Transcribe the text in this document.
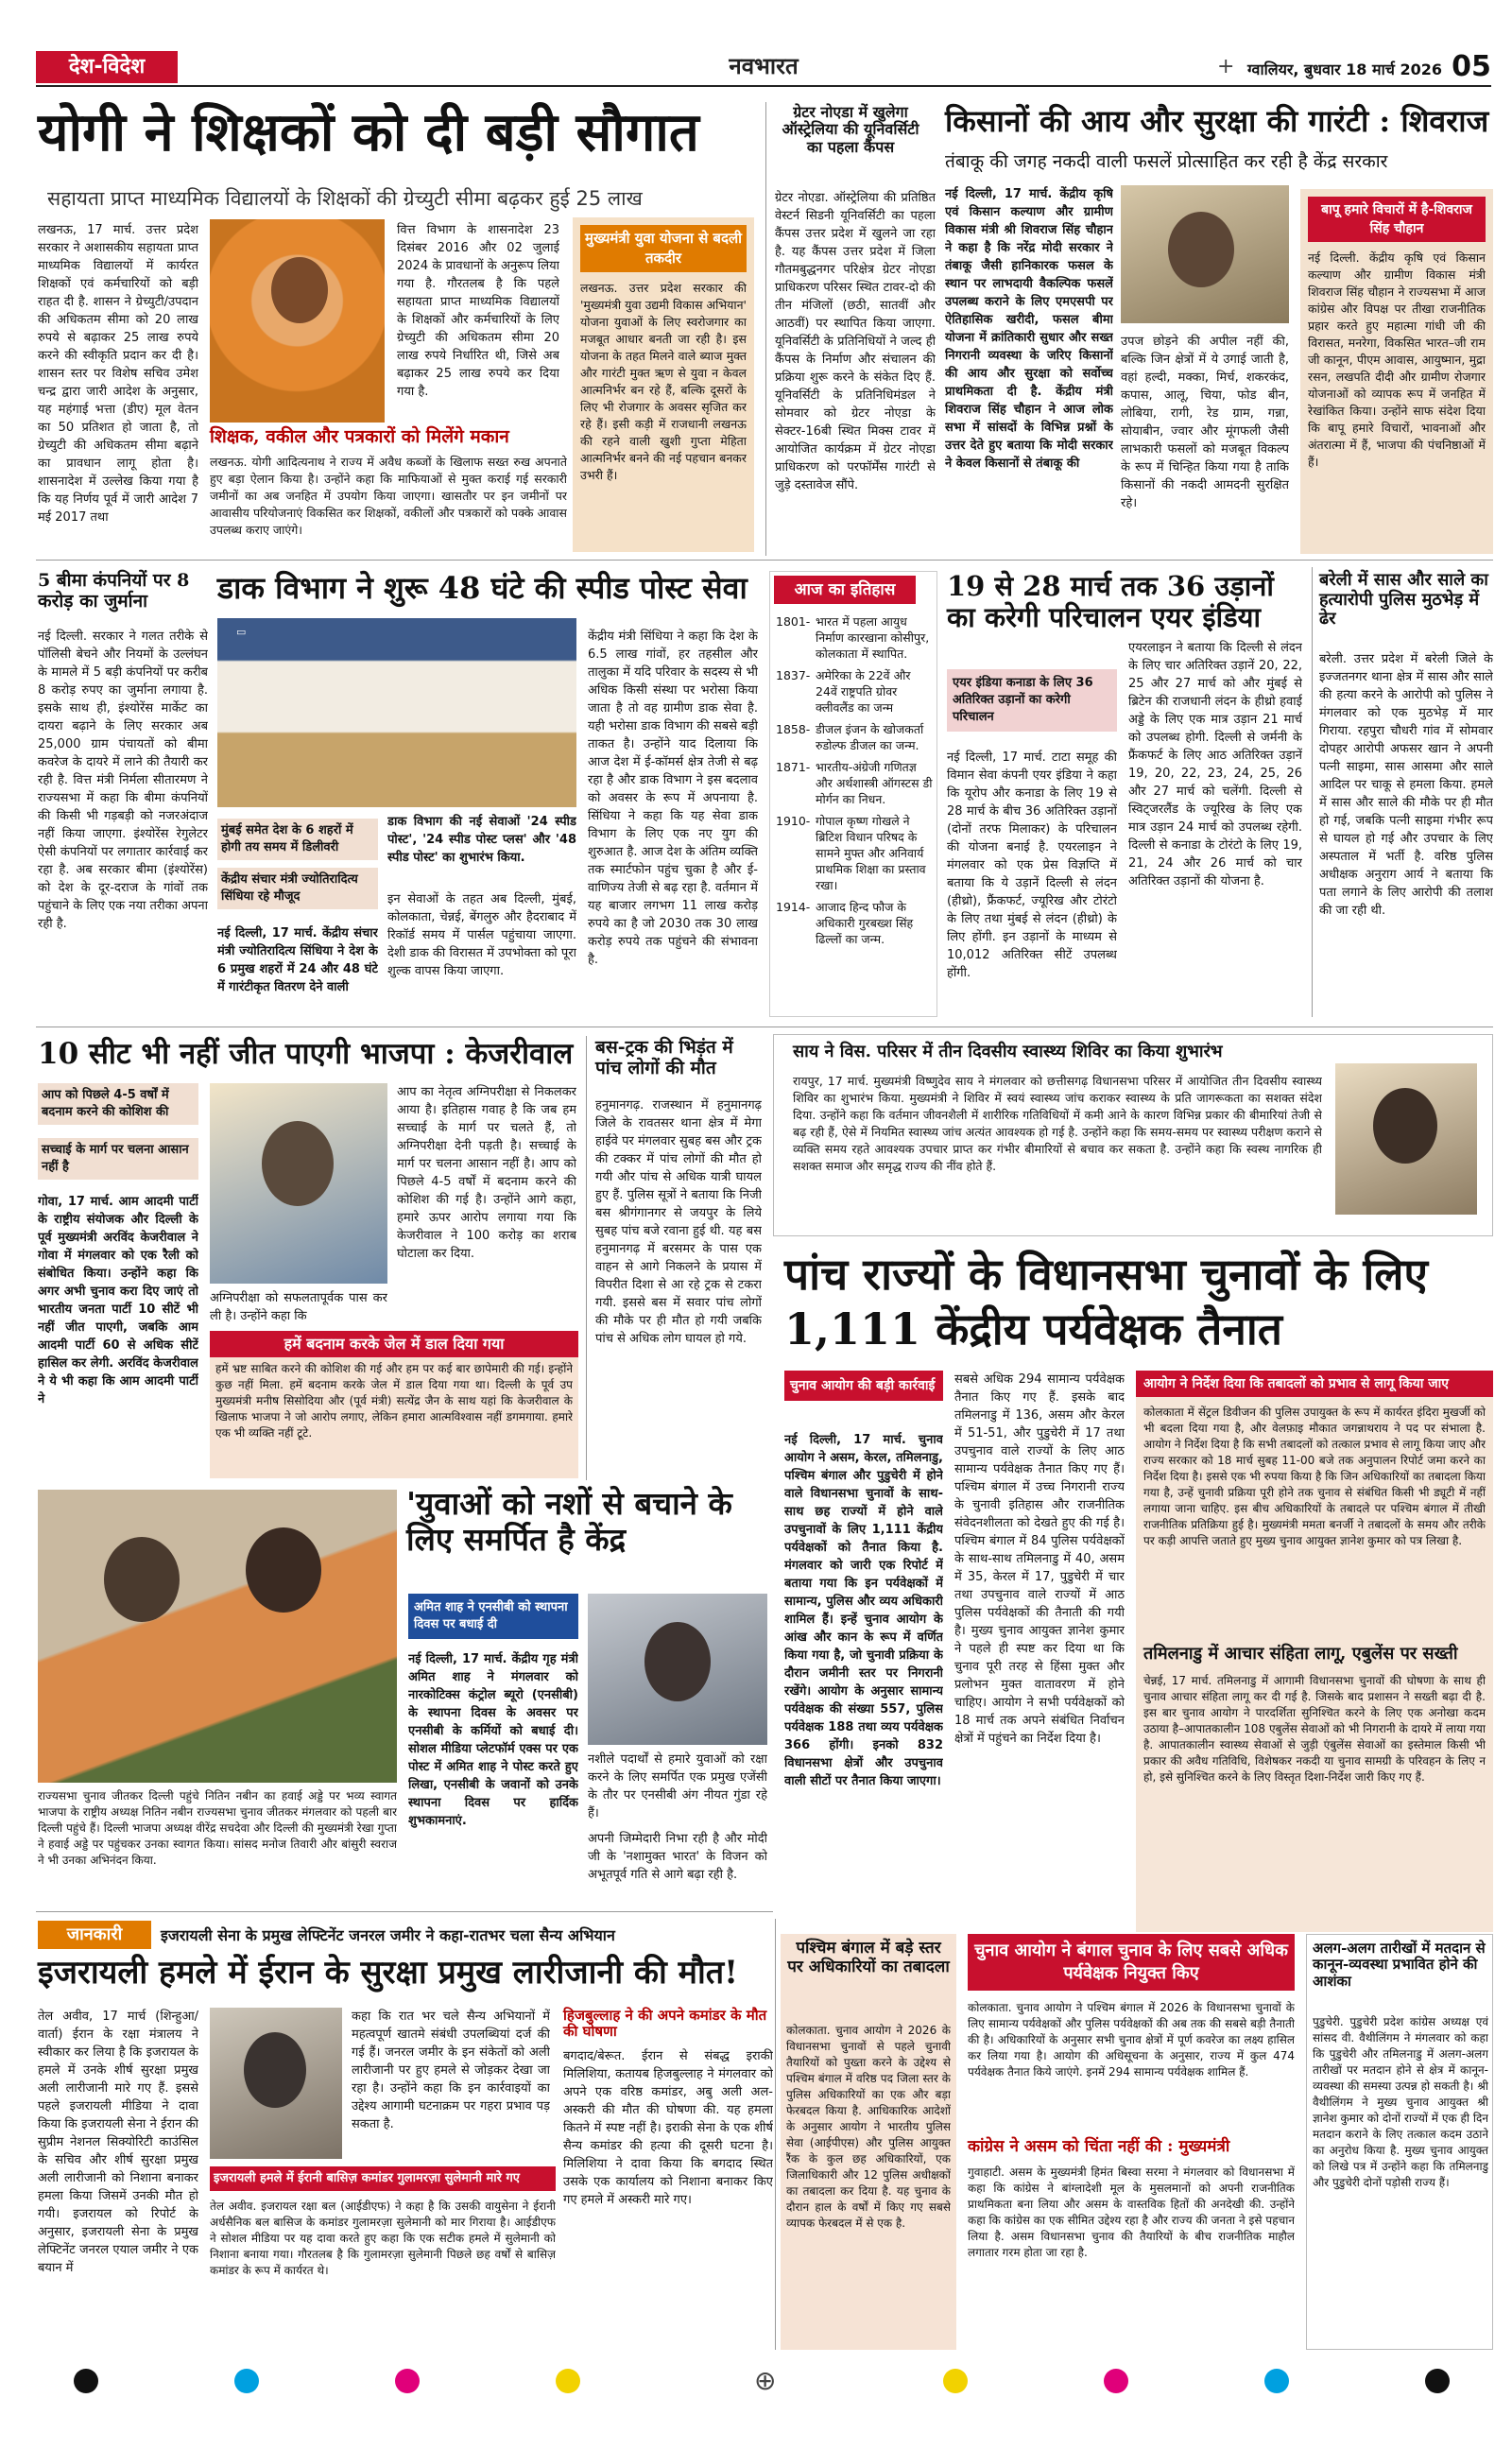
देश-विदेश	नवभारत	ग्वालियर, बुधवार 18 मार्च 2026 05
+
योगी ने शिक्षकों को दी बड़ी सौगात
सहायता प्राप्त माध्यमिक विद्यालयों के शिक्षकों की ग्रेच्युटी सीमा बढ़कर हुई 25 लाख
लखनऊ, 17 मार्च. उत्तर प्रदेश सरकार ने अशासकीय सहायता प्राप्त माध्यमिक विद्यालयों में कार्यरत शिक्षकों एवं कर्मचारियों को बड़ी राहत दी है. शासन ने ग्रेच्युटी/उपदान की अधिकतम सीमा को 20 लाख रुपये से बढ़ाकर 25 लाख रुपये करने की स्वीकृति प्रदान कर दी है। शासन स्तर पर विशेष सचिव उमेश चन्द्र द्वारा जारी आदेश के अनुसार, यह महंगाई भत्ता (डीए) मूल वेतन का 50 प्रतिशत हो जाता है, तो ग्रेच्युटी की अधिकतम सीमा बढ़ाने का प्रावधान लागू होता है। शासनादेश में उल्लेख किया गया है कि यह निर्णय पूर्व में जारी आदेश 7 मई 2017 तथा
वित्त विभाग के शासनादेश 23 दिसंबर 2016 और 02 जुलाई 2024 के प्रावधानों के अनुरूप लिया गया है. गौरतलब है कि पहले सहायता प्राप्त माध्यमिक विद्यालयों के शिक्षकों और कर्मचारियों के लिए ग्रेच्युटी की अधिकतम सीमा 20 लाख रुपये निर्धारित थी, जिसे अब बढ़ाकर 25 लाख रुपये कर दिया गया है.
मुख्यमंत्री युवा योजना से बदली तकदीर
लखनऊ. उत्तर प्रदेश सरकार की 'मुख्यमंत्री युवा उद्यमी विकास अभियान' योजना युवाओं के लिए स्वरोजगार का मजबूत आधार बनती जा रही है। इस योजना के तहत मिलने वाले ब्याज मुक्त और गारंटी मुक्त ऋण से युवा न केवल आत्मनिर्भर बन रहे हैं, बल्कि दूसरों के लिए भी रोजगार के अवसर सृजित कर रहे हैं। इसी कड़ी में राजधानी लखनऊ की रहने वाली खुशी गुप्ता मेहिता आत्मनिर्भर बनने की नई पहचान बनकर उभरी हैं।
शिक्षक, वकील और पत्रकारों को मिलेंगे मकान
लखनऊ. योगी आदित्यनाथ ने राज्य में अवैध कब्जों के खिलाफ सख्त रुख अपनाते हुए बड़ा ऐलान किया है। उन्होंने कहा कि माफियाओं से मुक्त कराई गई सरकारी जमीनों का अब जनहित में उपयोग किया जाएगा। खासतौर पर इन जमीनों पर आवासीय परियोजनाएं विकसित कर शिक्षकों, वकीलों और पत्रकारों को पक्के आवास उपलब्ध कराए जाएंगे।
ग्रेटर नोएडा में खुलेगा ऑस्ट्रेलिया की यूनिवर्सिटी का पहला कैंपस
ग्रेटर नोएडा. ऑस्ट्रेलिया की प्रतिष्ठित वेस्टर्न सिडनी यूनिवर्सिटी का पहला कैंपस उत्तर प्रदेश में खुलने जा रहा है. यह कैंपस उत्तर प्रदेश में जिला गौतमबुद्धनगर परिक्षेत्र ग्रेटर नोएडा प्राधिकरण परिसर स्थित टावर-दो की तीन मंजिलों (छठी, सातवीं और आठवीं) पर स्थापित किया जाएगा. यूनिवर्सिटी के प्रतिनिधियों ने जल्द ही कैंपस के निर्माण और संचालन की प्रक्रिया शुरू करने के संकेत दिए हैं. यूनिवर्सिटी के प्रतिनिधिमंडल ने सोमवार को ग्रेटर नोएडा के सेक्टर-16बी स्थित मिक्स टावर में आयोजित कार्यक्रम में ग्रेटर नोएडा प्राधिकरण को परफॉर्मेंस गारंटी से जुड़े दस्तावेज सौंपे.
किसानों की आय और सुरक्षा की गारंटी : शिवराज
तंबाकू की जगह नकदी वाली फसलें प्रोत्साहित कर रही है केंद्र सरकार
नई दिल्ली, 17 मार्च. केंद्रीय कृषि एवं किसान कल्याण और ग्रामीण विकास मंत्री श्री शिवराज सिंह चौहान ने कहा है कि नरेंद्र मोदी सरकार ने तंबाकू जैसी हानिकारक फसल के स्थान पर लाभदायी वैकल्पिक फसलें उपलब्ध कराने के लिए एमएसपी पर ऐतिहासिक खरीदी, फसल बीमा योजना में क्रांतिकारी सुधार और सख्त निगरानी व्यवस्था के जरिए किसानों की आय और सुरक्षा को सर्वोच्च प्राथमिकता दी है. केंद्रीय मंत्री शिवराज सिंह चौहान ने आज लोक सभा में सांसदों के विभिन्न प्रश्नों के उत्तर देते हुए बताया कि मोदी सरकार ने केवल किसानों से तंबाकू की
उपज छोड़ने की अपील नहीं की, बल्कि जिन क्षेत्रों में ये उगाई जाती है, वहां हल्दी, मक्का, मिर्च, शकरकंद, कपास, आलू, चिया, फोड बीन, लोबिया, रागी, रेड ग्राम, गन्ना, सोयाबीन, ज्वार और मूंगफली जैसी लाभकारी फसलों को मजबूत विकल्प के रूप में चिन्हित किया गया है ताकि किसानों की नकदी आमदनी सुरक्षित रहे।
बापू हमारे विचारों में है-शिवराज सिंह चौहान
नई दिल्ली. केंद्रीय कृषि एवं किसान कल्याण और ग्रामीण विकास मंत्री शिवराज सिंह चौहान ने राज्यसभा में आज कांग्रेस और विपक्ष पर तीखा राजनीतिक प्रहार करते हुए महात्मा गांधी जी की विरासत, मनरेगा, विकसित भारत–जी राम जी कानून, पीएम आवास, आयुष्मान, मुद्रा रसन, लखपति दीदी और ग्रामीण रोजगार योजनाओं को व्यापक रूप में जनहित में रेखांकित किया। उन्होंने साफ संदेश दिया कि बापू हमारे विचारों, भावनाओं और अंतरात्मा में हैं, भाजपा की पंचनिष्ठाओं में हैं।
5 बीमा कंपनियों पर 8 करोड़ का जुर्माना
नई दिल्ली. सरकार ने गलत तरीके से पॉलिसी बेचने और नियमों के उल्लंघन के मामले में 5 बड़ी कंपनियों पर करीब 8 करोड़ रुपए का जुर्माना लगाया है. इसके साथ ही, इंश्योरेंस मार्केट का दायरा बढ़ाने के लिए सरकार अब 25,000 ग्राम पंचायतों को बीमा कवरेज के दायरे में लाने की तैयारी कर रही है. वित्त मंत्री निर्मला सीतारमण ने राज्यसभा में कहा कि बीमा कंपनियों की किसी भी गड़बड़ी को नजरअंदाज नहीं किया जाएगा. इंश्योरेंस रेगुलेटर ऐसी कंपनियों पर लगातार कार्रवाई कर रहा है. अब सरकार बीमा (इंश्योरेंस) को देश के दूर-दराज के गांवों तक पहुंचाने के लिए एक नया तरीका अपना रही है.
डाक विभाग ने शुरू 48 घंटे की स्पीड पोस्ट सेवा
▭
मुंबई समेत देश के 6 शहरों में होगी तय समय में डिलीवरी
केंद्रीय संचार मंत्री ज्योतिरादित्य सिंधिया रहे मौजूद
नई दिल्ली, 17 मार्च. केंद्रीय संचार मंत्री ज्योतिरादित्य सिंधिया ने देश के 6 प्रमुख शहरों में 24 और 48 घंटे में गारंटीकृत वितरण देने वाली
डाक विभाग की नई सेवाओं '24 स्पीड पोस्ट', '24 स्पीड पोस्ट प्लस' और '48 स्पीड पोस्ट' का शुभारंभ किया.
इन सेवाओं के तहत अब दिल्ली, मुंबई, कोलकाता, चेन्नई, बेंगलुरु और हैदराबाद में रिकॉर्ड समय में पार्सल पहुंचाया जाएगा. देशी डाक की विरासत में उपभोक्ता को पूरा शुल्क वापस किया जाएगा.
केंद्रीय मंत्री सिंधिया ने कहा कि देश के 6.5 लाख गांवों, हर तहसील और तालुका में यदि परिवार के सदस्य से भी अधिक किसी संस्था पर भरोसा किया जाता है तो वह ग्रामीण डाक सेवा है. यही भरोसा डाक विभाग की सबसे बड़ी ताकत है। उन्होंने याद दिलाया कि आज देश में ई-कॉमर्स क्षेत्र तेजी से बढ़ रहा है और डाक विभाग ने इस बदलाव को अवसर के रूप में अपनाया है. सिंधिया ने कहा कि यह सेवा डाक विभाग के लिए एक नए युग की शुरुआत है. आज देश के अंतिम व्यक्ति तक स्मार्टफोन पहुंच चुका है और ई-वाणिज्य तेजी से बढ़ रहा है. वर्तमान में यह बाजार लगभग 11 लाख करोड़ रुपये का है जो 2030 तक 30 लाख करोड़ रुपये तक पहुंचने की संभावना है.
आज का इतिहास
1801- भारत में पहला आयुध निर्माण कारखाना कोसीपुर, कोलकाता में स्थापित.
1837- अमेरिका के 22वें और 24वें राष्ट्रपति ग्रोवर क्लीवलैंड का जन्म
1858- डीजल इंजन के खोजकर्ता रुडोल्फ डीजल का जन्म.
1871- भारतीय-अंग्रेजी गणितज्ञ और अर्थशास्त्री ऑगस्टस डी मोर्गन का निधन.
1910- गोपाल कृष्ण गोखले ने ब्रिटिश विधान परिषद के सामने मुफ्त और अनिवार्य प्राथमिक शिक्षा का प्रस्ताव रखा।
1914- आजाद हिन्द फौज के अधिकारी गुरबख्श सिंह ढिल्लों का जन्म.
19 से 28 मार्च तक 36 उड़ानों का करेगी परिचालन एयर इंडिया
एयर इंडिया कनाडा के लिए 36 अतिरिक्त उड़ानों का करेगी परिचालन
नई दिल्ली, 17 मार्च. टाटा समूह की विमान सेवा कंपनी एयर इंडिया ने कहा कि यूरोप और कनाडा के लिए 19 से 28 मार्च के बीच 36 अतिरिक्त उड़ानों (दोनों तरफ मिलाकर) के परिचालन की योजना बनाई है. एयरलाइन ने मंगलवार को एक प्रेस विज्ञप्ति में बताया कि ये उड़ानें दिल्ली से लंदन (हीथ्रो), फ्रैंकफर्ट, ज्यूरिख और टोरंटो के लिए तथा मुंबई से लंदन (हीथ्रो) के लिए होंगी. इन उड़ानों के माध्यम से 10,012 अतिरिक्त सीटें उपलब्ध होंगी.
एयरलाइन ने बताया कि दिल्ली से लंदन के लिए चार अतिरिक्त उड़ानें 20, 22, 25 और 27 मार्च को और मुंबई से ब्रिटेन की राजधानी लंदन के हीथ्रो हवाई अड्डे के लिए एक मात्र उड़ान 21 मार्च को उपलब्ध होगी. दिल्ली से जर्मनी के फ्रैंकफर्ट के लिए आठ अतिरिक्त उड़ानें 19, 20, 22, 23, 24, 25, 26 और 27 मार्च को चलेंगी. दिल्ली से स्विट्जरलैंड के ज्यूरिख के लिए एक मात्र उड़ान 24 मार्च को उपलब्ध रहेगी. दिल्ली से कनाडा के टोरंटो के लिए 19, 21, 24 और 26 मार्च को चार अतिरिक्त उड़ानों की योजना है.
बरेली में सास और साले का हत्यारोपी पुलिस मुठभेड़ में ढेर
बरेली. उत्तर प्रदेश में बरेली जिले के इज्जतनगर थाना क्षेत्र में सास और साले की हत्या करने के आरोपी को पुलिस ने मंगलवार को एक मुठभेड़ में मार गिराया. रहपुरा चौधरी गांव में सोमवार दोपहर आरोपी अफसर खान ने अपनी पत्नी साइमा, सास आसमा और साले आदिल पर चाकू से हमला किया. हमले में सास और साले की मौके पर ही मौत हो गई, जबकि पत्नी साइमा गंभीर रूप से घायल हो गई और उपचार के लिए अस्पताल में भर्ती है. वरिष्ठ पुलिस अधीक्षक अनुराग आर्य ने बताया कि पता लगाने के लिए आरोपी की तलाश की जा रही थी.
10 सीट भी नहीं जीत पाएगी भाजपा : केजरीवाल
आप को पिछले 4-5 वर्षों में बदनाम करने की कोशिश की
सच्चाई के मार्ग पर चलना आसान नहीं है
गोवा, 17 मार्च. आम आदमी पार्टी के राष्ट्रीय संयोजक और दिल्ली के पूर्व मुख्यमंत्री अरविंद केजरीवाल ने गोवा में मंगलवार को एक रैली को संबोधित किया। उन्होंने कहा कि अगर अभी चुनाव करा दिए जाएं तो भारतीय जनता पार्टी 10 सीटें भी नहीं जीत पाएगी, जबकि आम आदमी पार्टी 60 से अधिक सीटें हासिल कर लेगी. अरविंद केजरीवाल ने ये भी कहा कि आम आदमी पार्टी ने
अग्निपरीक्षा को सफलतापूर्वक पास कर ली है। उन्होंने कहा कि
आप का नेतृत्व अग्निपरीक्षा से निकलकर आया है। इतिहास गवाह है कि जब हम सच्चाई के मार्ग पर चलते हैं, तो अग्निपरीक्षा देनी पड़ती है। सच्चाई के मार्ग पर चलना आसान नहीं है। आप को पिछले 4-5 वर्षों में बदनाम करने की कोशिश की गई है। उन्होंने आगे कहा, हमारे ऊपर आरोप लगाया गया कि केजरीवाल ने 100 करोड़ का शराब घोटाला कर दिया.
हमें बदनाम करके जेल में डाल दिया गया
हमें भ्रष्ट साबित करने की कोशिश की गई और हम पर कई बार छापेमारी की गई। इन्होंने कुछ नहीं मिला. हमें बदनाम करके जेल में डाल दिया गया था। दिल्ली के पूर्व उप मुख्यमंत्री मनीष सिसोदिया और (पूर्व मंत्री) सत्येंद्र जैन के साथ यहां कि केजरीवाल के खिलाफ भाजपा ने जो आरोप लगाए, लेकिन हमारा आत्मविश्वास नहीं डगमगाया. हमारे एक भी व्यक्ति नहीं टूटे.
बस-ट्रक की भिड़ंत में पांच लोगों की मौत
हनुमानगढ़. राजस्थान में हनुमानगढ़ जिले के रावतसर थाना क्षेत्र में मेगा हाईवे पर मंगलवार सुबह बस और ट्रक की टक्कर में पांच लोगों की मौत हो गयी और पांच से अधिक यात्री घायल हुए हैं. पुलिस सूत्रों ने बताया कि निजी बस श्रीगंगानगर से जयपुर के लिये सुबह पांच बजे रवाना हुई थी. यह बस हनुमानगढ़ में बरसमर के पास एक वाहन से आगे निकलने के प्रयास में विपरीत दिशा से आ रहे ट्रक से टकरा गयी. इससे बस में सवार पांच लोगों की मौके पर ही मौत हो गयी जबकि पांच से अधिक लोग घायल हो गये.
साय ने विस. परिसर में तीन दिवसीय स्वास्थ्य शिविर का किया शुभारंभ
रायपुर, 17 मार्च. मुख्यमंत्री विष्णुदेव साय ने मंगलवार को छत्तीसगढ़ विधानसभा परिसर में आयोजित तीन दिवसीय स्वास्थ्य शिविर का शुभारंभ किया. मुख्यमंत्री ने शिविर में स्वयं स्वास्थ्य जांच कराकर स्वास्थ्य के प्रति जागरूकता का सशक्त संदेश दिया. उन्होंने कहा कि वर्तमान जीवनशैली में शारीरिक गतिविधियों में कमी आने के कारण विभिन्न प्रकार की बीमारियां तेजी से बढ़ रही हैं, ऐसे में नियमित स्वास्थ्य जांच अत्यंत आवश्यक हो गई है. उन्होंने कहा कि समय-समय पर स्वास्थ्य परीक्षण कराने से व्यक्ति समय रहते आवश्यक उपचार प्राप्त कर गंभीर बीमारियों से बचाव कर सकता है. उन्होंने कहा कि स्वस्थ नागरिक ही सशक्त समाज और समृद्ध राज्य की नींव होते हैं.
पांच राज्यों के विधानसभा चुनावों के लिए 1,111 केंद्रीय पर्यवेक्षक तैनात
चुनाव आयोग की बड़ी कार्रवाई
नई दिल्ली, 17 मार्च. चुनाव आयोग ने असम, केरल, तमिलनाडु, पश्चिम बंगाल और पुडुचेरी में होने वाले विधानसभा चुनावों के साथ-साथ छह राज्यों में होने वाले उपचुनावों के लिए 1,111 केंद्रीय पर्यवेक्षकों को तैनात किया है. मंगलवार को जारी एक रिपोर्ट में बताया गया कि इन पर्यवेक्षकों में सामान्य, पुलिस और व्यय अधिकारी शामिल हैं। इन्हें चुनाव आयोग के आंख और कान के रूप में वर्णित किया गया है, जो चुनावी प्रक्रिया के दौरान जमीनी स्तर पर निगरानी रखेंगे। आयोग के अनुसार सामान्य पर्यवेक्षक की संख्या 557, पुलिस पर्यवेक्षक 188 तथा व्यय पर्यवेक्षक 366 होंगी। इनको 832 विधानसभा क्षेत्रों और उपचुनाव वाली सीटों पर तैनात किया जाएगा।
सबसे अधिक 294 सामान्य पर्यवेक्षक तैनात किए गए हैं. इसके बाद तमिलनाडु में 136, असम और केरल में 51-51, और पुडुचेरी में 17 तथा उपचुनाव वाले राज्यों के लिए आठ सामान्य पर्यवेक्षक तैनात किए गए हैं। पश्चिम बंगाल में उच्च निगरानी राज्य के चुनावी इतिहास और राजनीतिक संवेदनशीलता को देखते हुए की गई है। पश्चिम बंगाल में 84 पुलिस पर्यवेक्षकों के साथ-साथ तमिलनाडु में 40, असम में 35, केरल में 17, पुडुचेरी में चार तथा उपचुनाव वाले राज्यों में आठ पुलिस पर्यवेक्षकों की तैनाती की गयी है। मुख्य चुनाव आयुक्त ज्ञानेश कुमार ने पहले ही स्पष्ट कर दिया था कि चुनाव पूरी तरह से हिंसा मुक्त और प्रलोभन मुक्त वातावरण में होने चाहिए। आयोग ने सभी पर्यवेक्षकों को 18 मार्च तक अपने संबंधित निर्वाचन क्षेत्रों में पहुंचने का निर्देश दिया है।
आयोग ने निर्देश दिया कि तबादलों को प्रभाव से लागू किया जाए
कोलकाता में सेंट्रल डिवीजन की पुलिस उपायुक्त के रूप में कार्यरत इंदिरा मुखर्जी को भी बदला दिया गया है, और वेलफ़ाइ मौकात जगन्नाथराय ने पद पर संभाला है. आयोग ने निर्देश दिया है कि सभी तबादलों को तत्काल प्रभाव से लागू किया जाए और राज्य सरकार को 18 मार्च सुबह 11-00 बजे तक अनुपालन रिपोर्ट जमा करने का निर्देश दिया है। इससे एक भी रुपया किया है कि जिन अधिकारियों का तबादला किया गया है, उन्हें चुनावी प्रक्रिया पूरी होने तक चुनाव से संबंधित किसी भी ड्यूटी में नहीं लगाया जाना चाहिए. इस बीच अधिकारियों के तबादले पर पश्चिम बंगाल में तीखी राजनीतिक प्रतिक्रिया हुई है। मुख्यमंत्री ममता बनर्जी ने तबादलों के समय और तरीके पर कड़ी आपत्ति जताते हुए मुख्य चुनाव आयुक्त ज्ञानेश कुमार को पत्र लिखा है.
तमिलनाडु में आचार संहिता लागू, एबुलेंस पर सख्ती
चेन्नई, 17 मार्च. तमिलनाडु में आगामी विधानसभा चुनावों की घोषणा के साथ ही चुनाव आचार संहिता लागू कर दी गई है. जिसके बाद प्रशासन ने सख्ती बढ़ा दी है. इस बार चुनाव आयोग ने पारदर्शिता सुनिश्चित करने के लिए एक अनोखा कदम उठाया है–आपातकालीन 108 एबुलेंस सेवाओं को भी निगरानी के दायरे में लाया गया है. आपातकालीन स्वास्थ्य सेवाओं से जुड़ी एंबुलेंस सेवाओं का इस्तेमाल किसी भी प्रकार की अवैध गतिविधि, विशेषकर नकदी या चुनाव सामग्री के परिवहन के लिए न हो, इसे सुनिश्चित करने के लिए विस्तृत दिशा-निर्देश जारी किए गए हैं.
राज्यसभा चुनाव जीतकर दिल्ली पहुंचे नितिन नबीन का हवाई अड्डे पर भव्य स्वागत भाजपा के राष्ट्रीय अध्यक्ष नितिन नबीन राज्यसभा चुनाव जीतकर मंगलवार को पहली बार दिल्ली पहुंचे हैं। दिल्ली भाजपा अध्यक्ष वीरेंद्र सचदेवा और दिल्ली की मुख्यमंत्री रेखा गुप्ता ने हवाई अड्डे पर पहुंचकर उनका स्वागत किया। सांसद मनोज तिवारी और बांसुरी स्वराज ने भी उनका अभिनंदन किया.
'युवाओं को नशों से बचाने के लिए समर्पित है केंद्र
अमित शाह ने एनसीबी को स्थापना दिवस पर बधाई दी
नई दिल्ली, 17 मार्च. केंद्रीय गृह मंत्री अमित शाह ने मंगलवार को नारकोटिक्स कंट्रोल ब्यूरो (एनसीबी) के स्थापना दिवस के अवसर पर एनसीबी के कर्मियों को बधाई दी। सोशल मीडिया प्लेटफॉर्म एक्स पर एक पोस्ट में अमित शाह ने पोस्ट करते हुए लिखा, एनसीबी के जवानों को उनके स्थापना दिवस पर हार्दिक शुभकामनाएं.
नशीले पदार्थों से हमारे युवाओं को रक्षा करने के लिए समर्पित एक प्रमुख एजेंसी के तौर पर एनसीबी अंग नीयत गुंडा रहे हैं।
अपनी जिम्मेदारी निभा रही है और मोदी जी के 'नशामुक्त भारत' के विजन को अभूतपूर्व गति से आगे बढ़ा रही है.
जानकारी	इजरायली सेना के प्रमुख लेफ्टिनेंट जनरल जमीर ने कहा-रातभर चला सैन्य अभियान
इजरायली हमले में ईरान के सुरक्षा प्रमुख लारीजानी की मौत!
तेल अवीव, 17 मार्च (शिन्हुआ/वार्ता) ईरान के रक्षा मंत्रालय ने स्वीकार कर लिया है कि इजरायल के हमले में उनके शीर्ष सुरक्षा प्रमुख अली लारीजानी मारे गए हैं. इससे पहले इजरायली मीडिया ने दावा किया कि इजरायली सेना ने ईरान की सुप्रीम नेशनल सिक्योरिटी काउंसिल के सचिव और शीर्ष सुरक्षा प्रमुख अली लारीजानी को निशाना बनाकर हमला किया जिसमें उनकी मौत हो गयी। इजरायल को रिपोर्ट के अनुसार, इजरायली सेना के प्रमुख लेफ्टिनेंट जनरल एयाल जमीर ने एक बयान में
कहा कि रात भर चले सैन्य अभियानों में महत्वपूर्ण खातमे संबंधी उपलब्धियां दर्ज की गई हैं। जनरल जमीर के इन संकेतों को अली लारीजानी पर हुए हमले से जोड़कर देखा जा रहा है। उन्होंने कहा कि इन कार्रवाइयों का उद्देश्य आगामी घटनाक्रम पर गहरा प्रभाव पड़ सकता है.
हिजबुल्लाह ने की अपने कमांडर के मौत की घोषणा
बगदाद/बेरूत. ईरान से संबद्ध इराकी मिलिशिया, कतायब हिजबुल्लाह ने मंगलवार को अपने एक वरिष्ठ कमांडर, अबु अली अल-अस्करी की मौत की घोषणा की. यह हमला कितने में स्पष्ट नहीं है। इराकी सेना के एक शीर्ष सैन्य कमांडर की हत्या की दूसरी घटना है। मिलिशिया ने दावा किया कि बगदाद स्थित उसके एक कार्यालय को निशाना बनाकर किए गए हमले में अस्करी मारे गए।
इजरायली हमले में ईरानी बासिज़ कमांडर गुलामरज़ा सुलेमानी मारे गए
तेल अवीव. इजरायल रक्षा बल (आईडीएफ) ने कहा है कि उसकी वायुसेना ने ईरानी अर्धसैनिक बल बासिज के कमांडर गुलामरज़ा सुलेमानी को मार गिराया है। आईडीएफ ने सोशल मीडिया पर यह दावा करते हुए कहा कि एक सटीक हमले में सुलेमानी को निशाना बनाया गया। गौरतलब है कि गुलामरज़ा सुलेमानी पिछले छह वर्षों से बासिज़ कमांडर के रूप में कार्यरत थे।
पश्चिम बंगाल में बड़े स्तर पर अधिकारियों का तबादला
कोलकाता. चुनाव आयोग ने 2026 के विधानसभा चुनावों से पहले चुनावी तैयारियों को पुख्ता करने के उद्देश्य से पश्चिम बंगाल में वरिष्ठ पद जिला स्तर के पुलिस अधिकारियों का एक और बड़ा फेरबदल किया है. आधिकारिक आदेशों के अनुसार आयोग ने भारतीय पुलिस सेवा (आईपीएस) और पुलिस आयुक्त रैंक के कुल छह अधिकारियों, एक जिलाधिकारी और 12 पुलिस अधीक्षकों का तबादला कर दिया है. यह चुनाव के दौरान हाल के वर्षों में किए गए सबसे व्यापक फेरबदल में से एक है.
चुनाव आयोग ने बंगाल चुनाव के लिए सबसे अधिक पर्यवेक्षक नियुक्त किए
कोलकाता. चुनाव आयोग ने पश्चिम बंगाल में 2026 के विधानसभा चुनावों के लिए सामान्य पर्यवेक्षकों और पुलिस पर्यवेक्षकों की अब तक की सबसे बड़ी तैनाती की है। अधिकारियों के अनुसार सभी चुनाव क्षेत्रों में पूर्ण कवरेज का लक्ष्य हासिल कर लिया गया है। आयोग की अधिसूचना के अनुसार, राज्य में कुल 474 पर्यवेक्षक तैनात किये जाएंगे. इनमें 294 सामान्य पर्यवेक्षक शामिल हैं.
कांग्रेस ने असम को चिंता नहीं की : मुख्यमंत्री
गुवाहाटी. असम के मुख्यमंत्री हिमंत बिस्वा सरमा ने मंगलवार को विधानसभा में कहा कि कांग्रेस ने बांग्लादेशी मूल के मुसलमानों को अपनी राजनीतिक प्राथमिकता बना लिया और असम के वास्तविक हितों की अनदेखी की. उन्होंने कहा कि कांग्रेस का एक सीमित उद्देश्य रहा है और राज्य की जनता ने इसे पहचान लिया है. असम विधानसभा चुनाव की तैयारियों के बीच राजनीतिक माहौल लगातार गरम होता जा रहा है.
अलग-अलग तारीखों में मतदान से कानून-व्यवस्था प्रभावित होने की आशंका
पुडुचेरी. पुडुचेरी प्रदेश कांग्रेस अध्यक्ष एवं सांसद वी. वैथीलिंगम ने मंगलवार को कहा कि पुडुचेरी और तमिलनाडु में अलग-अलग तारीखों पर मतदान होने से क्षेत्र में कानून-व्यवस्था की समस्या उत्पन्न हो सकती है। श्री वैथीलिंगम ने मुख्य चुनाव आयुक्त श्री ज्ञानेश कुमार को दोनों राज्यों में एक ही दिन मतदान कराने के लिए तत्काल कदम उठाने का अनुरोध किया है. मुख्य चुनाव आयुक्त को लिखे पत्र में उन्होंने कहा कि तमिलनाडु और पुडुचेरी दोनों पड़ोसी राज्य हैं।
⊕
